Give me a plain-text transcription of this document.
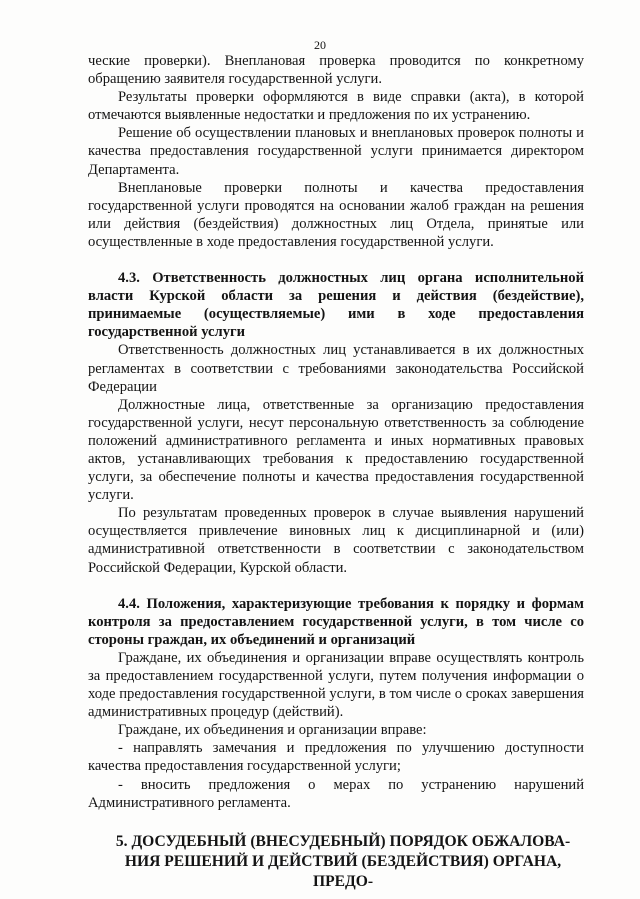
20

ческие проверки). Внеплановая проверка проводится по конкретному обращению заявителя государственной услуги.

Результаты проверки оформляются в виде справки (акта), в которой отмечаются выявленные недостатки и предложения по их устранению.

Решение об осуществлении плановых и внеплановых проверок полноты и качества предоставления государственной услуги принимается директором Департамента.

Внеплановые проверки полноты и качества предоставления государственной услуги проводятся на основании жалоб граждан на решения или действия (бездействия) должностных лиц Отдела, принятые или осуществленные в ходе предоставления государственной услуги.

4.3. Ответственность должностных лиц органа исполнительной власти Курской области за решения и действия (бездействие), принимаемые (осуществляемые) ими в ходе предоставления государственной услуги

Ответственность должностных лиц устанавливается в их должностных регламентах в соответствии с требованиями законодательства Российской Федерации

Должностные лица, ответственные за организацию предоставления государственной услуги, несут персональную ответственность за соблюдение положений административного регламента и иных нормативных правовых актов, устанавливающих требования к предоставлению государственной услуги, за обеспечение полноты и качества предоставления государственной услуги.

По результатам проведенных проверок в случае выявления нарушений осуществляется привлечение виновных лиц к дисциплинарной и (или) административной ответственности в соответствии с законодательством Российской Федерации, Курской области.

4.4. Положения, характеризующие требования к порядку и формам контроля за предоставлением государственной услуги, в том числе со стороны граждан, их объединений и организаций

Граждане, их объединения и организации вправе осуществлять контроль за предоставлением государственной услуги, путем получения информации о ходе предоставления государственной услуги, в том числе о сроках завершения административных процедур (действий).

Граждане, их объединения и организации вправе:

- направлять замечания и предложения по улучшению доступности качества предоставления государственной услуги;

- вносить предложения о мерах по устранению нарушений Административного регламента.

5. ДОСУДЕБНЫЙ (ВНЕСУДЕБНЫЙ) ПОРЯДОК ОБЖАЛОВА-
НИЯ РЕШЕНИЙ И ДЕЙСТВИЙ (БЕЗДЕЙСТВИЯ) ОРГАНА, ПРЕДО-
